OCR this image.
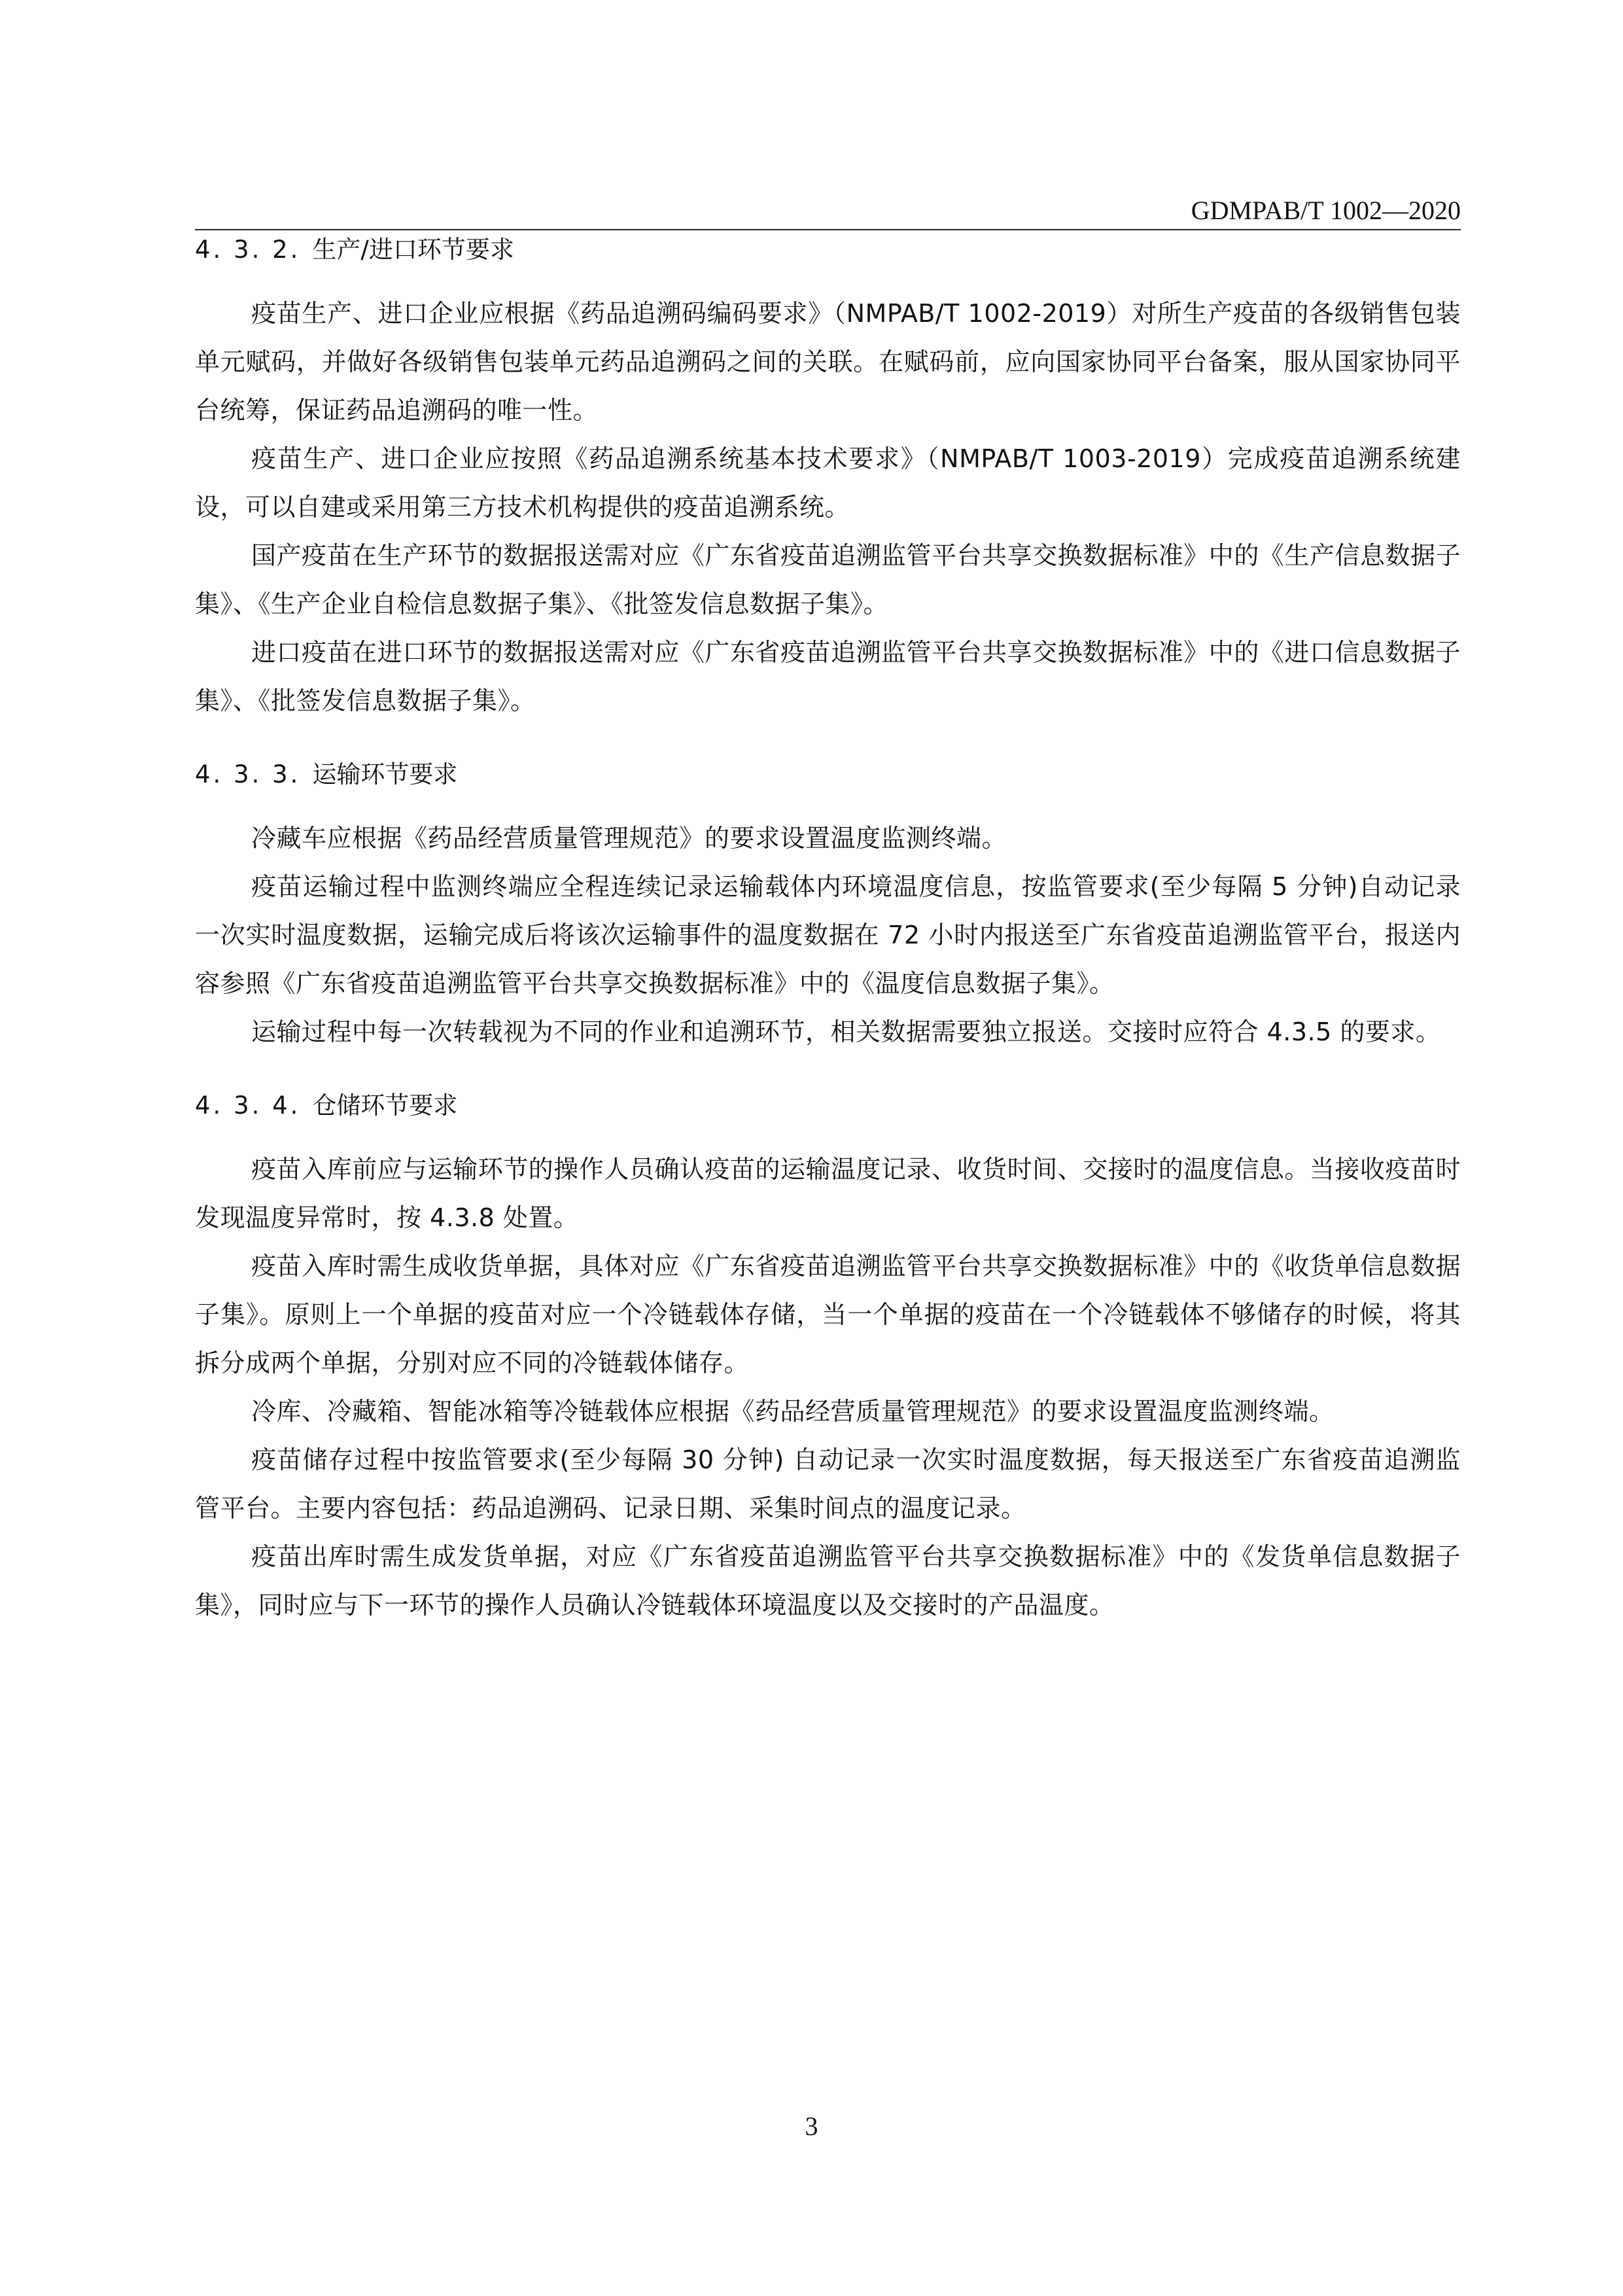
GDMPAB/T 1002—2020
4. 3. 2. 生产/进口环节要求

疫苗生产、进口企业应根据《药品追溯码编码要求》（NMPAB/T 1002-2019）对所生产疫苗的各级销售包装单元赋码，并做好各级销售包装单元药品追溯码之间的关联。在赋码前，应向国家协同平台备案，服从国家协同平台统筹，保证药品追溯码的唯一性。

疫苗生产、进口企业应按照《药品追溯系统基本技术要求》（NMPAB/T 1003-2019）完成疫苗追溯系统建设，可以自建或采用第三方技术机构提供的疫苗追溯系统。

国产疫苗在生产环节的数据报送需对应《广东省疫苗追溯监管平台共享交换数据标准》中的《生产信息数据子集》、《生产企业自检信息数据子集》、《批签发信息数据子集》。

进口疫苗在进口环节的数据报送需对应《广东省疫苗追溯监管平台共享交换数据标准》中的《进口信息数据子集》、《批签发信息数据子集》。

4. 3. 3. 运输环节要求

冷藏车应根据《药品经营质量管理规范》的要求设置温度监测终端。

疫苗运输过程中监测终端应全程连续记录运输载体内环境温度信息，按监管要求(至少每隔 5 分钟)自动记录一次实时温度数据，运输完成后将该次运输事件的温度数据在 72 小时内报送至广东省疫苗追溯监管平台，报送内容参照《广东省疫苗追溯监管平台共享交换数据标准》中的《温度信息数据子集》。

运输过程中每一次转载视为不同的作业和追溯环节，相关数据需要独立报送。交接时应符合 4.3.5 的要求。

4. 3. 4. 仓储环节要求

疫苗入库前应与运输环节的操作人员确认疫苗的运输温度记录、收货时间、交接时的温度信息。当接收疫苗时发现温度异常时，按 4.3.8 处置。

疫苗入库时需生成收货单据，具体对应《广东省疫苗追溯监管平台共享交换数据标准》中的《收货单信息数据子集》。原则上一个单据的疫苗对应一个冷链载体存储，当一个单据的疫苗在一个冷链载体不够储存的时候，将其拆分成两个单据，分别对应不同的冷链载体储存。

冷库、冷藏箱、智能冰箱等冷链载体应根据《药品经营质量管理规范》的要求设置温度监测终端。

疫苗储存过程中按监管要求(至少每隔 30 分钟) 自动记录一次实时温度数据，每天报送至广东省疫苗追溯监管平台。主要内容包括：药品追溯码、记录日期、采集时间点的温度记录。

疫苗出库时需生成发货单据，对应《广东省疫苗追溯监管平台共享交换数据标准》中的《发货单信息数据子集》，同时应与下一环节的操作人员确认冷链载体环境温度以及交接时的产品温度。

3
